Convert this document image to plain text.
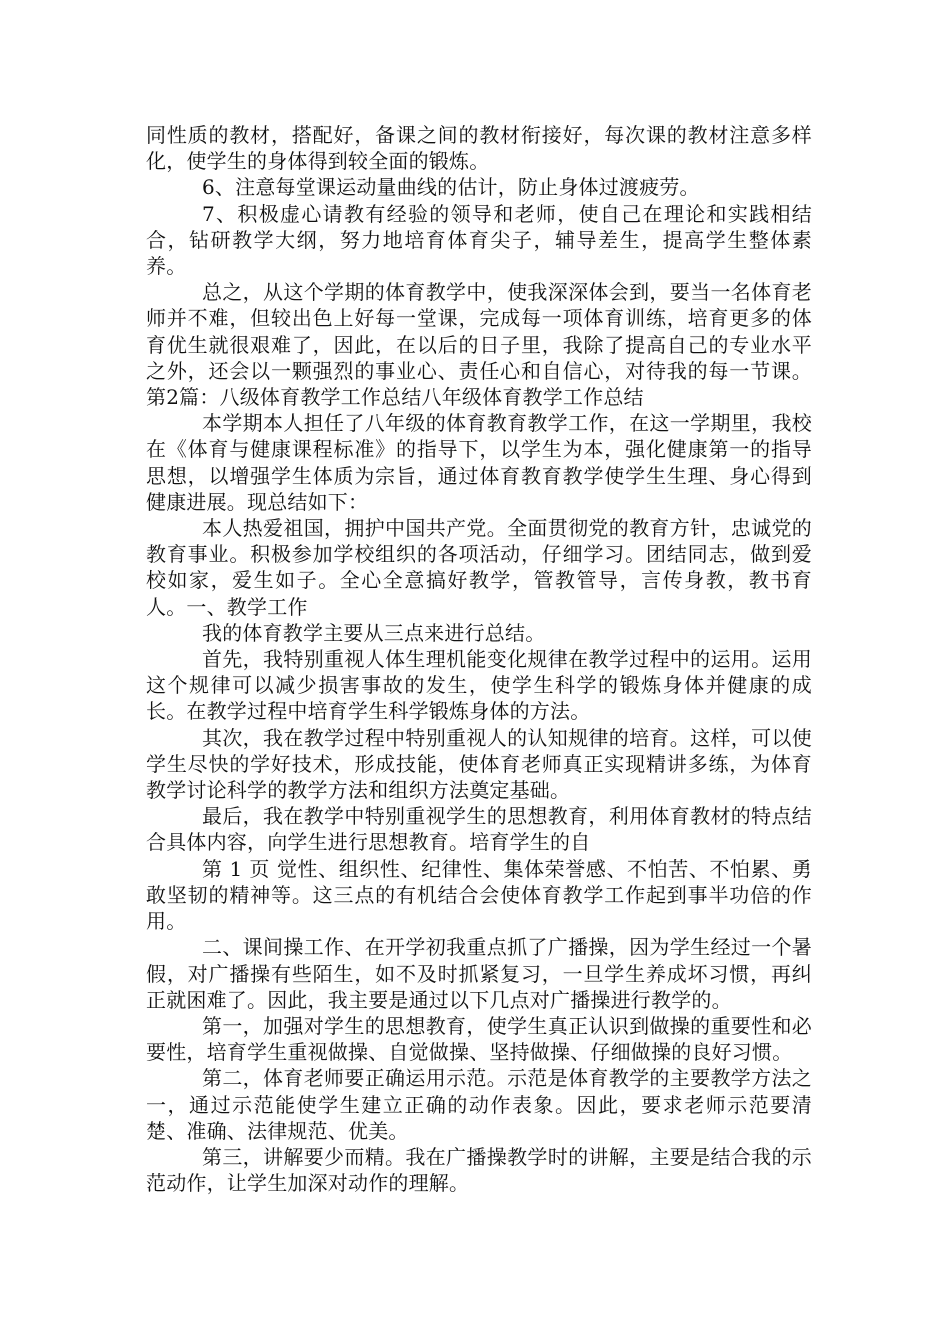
同性质的教材，搭配好，备课之间的教材衔接好，每次课的教材注意多样化，使学生的身体得到较全面的锻炼。

6、注意每堂课运动量曲线的估计，防止身体过渡疲劳。

7、积极虚心请教有经验的领导和老师，使自己在理论和实践相结合，钻研教学大纲，努力地培育体育尖子，辅导差生，提高学生整体素养。

总之，从这个学期的体育教学中，使我深深体会到，要当一名体育老师并不难，但较出色上好每一堂课，完成每一项体育训练，培育更多的体育优生就很艰难了，因此，在以后的日子里，我除了提高自己的专业水平之外，还会以一颗强烈的事业心、责任心和自信心，对待我的每一节课。第2篇：八级体育教学工作总结八年级体育教学工作总结

本学期本人担任了八年级的体育教育教学工作，在这一学期里，我校在《体育与健康课程标准》的指导下，以学生为本，强化健康第一的指导思想，以增强学生体质为宗旨，通过体育教育教学使学生生理、身心得到健康进展。现总结如下：

本人热爱祖国，拥护中国共产党。全面贯彻党的教育方针，忠诚党的教育事业。积极参加学校组织的各项活动，仔细学习。团结同志，做到爱校如家，爱生如子。全心全意搞好教学，管教管导，言传身教，教书育人。一、教学工作

我的体育教学主要从三点来进行总结。

首先，我特别重视人体生理机能变化规律在教学过程中的运用。运用这个规律可以减少损害事故的发生，使学生科学的锻炼身体并健康的成长。在教学过程中培育学生科学锻炼身体的方法。

其次，我在教学过程中特别重视人的认知规律的培育。这样，可以使学生尽快的学好技术，形成技能，使体育老师真正实现精讲多练，为体育教学讨论科学的教学方法和组织方法奠定基础。

最后，我在教学中特别重视学生的思想教育，利用体育教材的特点结合具体内容，向学生进行思想教育。培育学生的自

第 1 页 觉性、组织性、纪律性、集体荣誉感、不怕苦、不怕累、勇敢坚韧的精神等。这三点的有机结合会使体育教学工作起到事半功倍的作用。

二、课间操工作、在开学初我重点抓了广播操，因为学生经过一个暑假，对广播操有些陌生，如不及时抓紧复习，一旦学生养成坏习惯，再纠正就困难了。因此，我主要是通过以下几点对广播操进行教学的。

第一，加强对学生的思想教育，使学生真正认识到做操的重要性和必要性，培育学生重视做操、自觉做操、坚持做操、仔细做操的良好习惯。

第二，体育老师要正确运用示范。示范是体育教学的主要教学方法之一，通过示范能使学生建立正确的动作表象。因此，要求老师示范要清楚、准确、法律规范、优美。

第三，讲解要少而精。我在广播操教学时的讲解，主要是结合我的示范动作，让学生加深对动作的理解。
